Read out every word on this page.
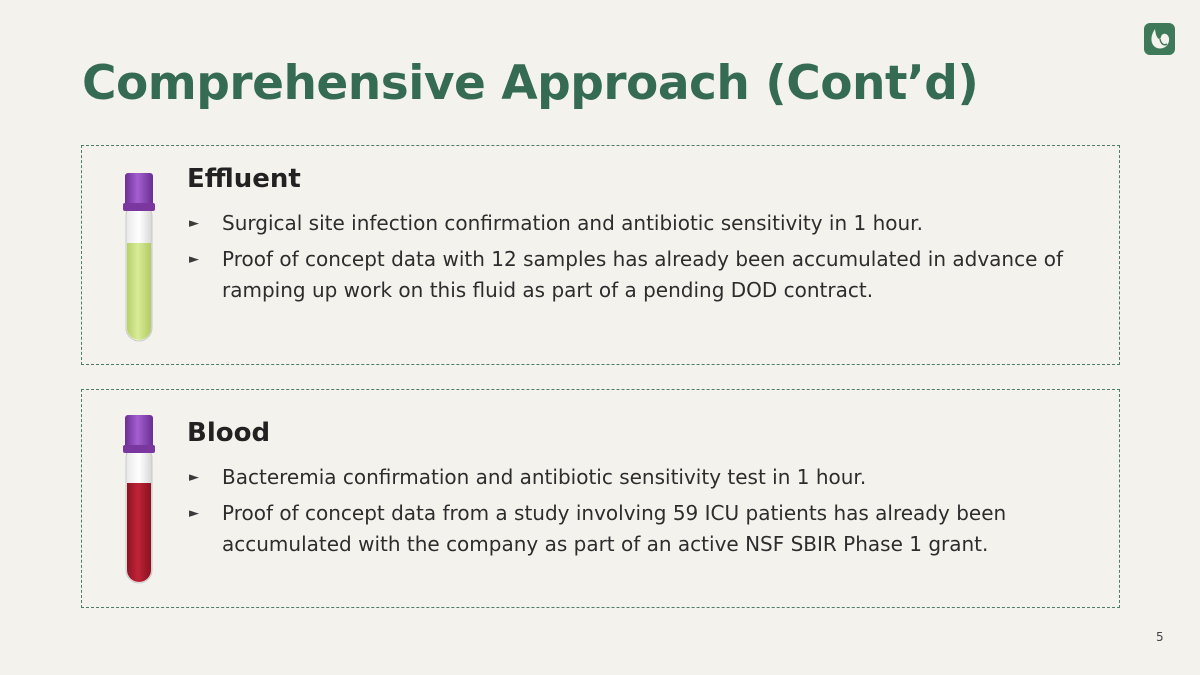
Comprehensive Approach (Cont’d)
Effluent
► Surgical site infection confirmation and antibiotic sensitivity in 1 hour.
► Proof of concept data with 12 samples has already been accumulated in advance of ramping up work on this fluid as part of a pending DOD contract.
Blood
► Bacteremia confirmation and antibiotic sensitivity test in 1 hour.
► Proof of concept data from a study involving 59 ICU patients has already been accumulated with the company as part of an active NSF SBIR Phase 1 grant.
5
